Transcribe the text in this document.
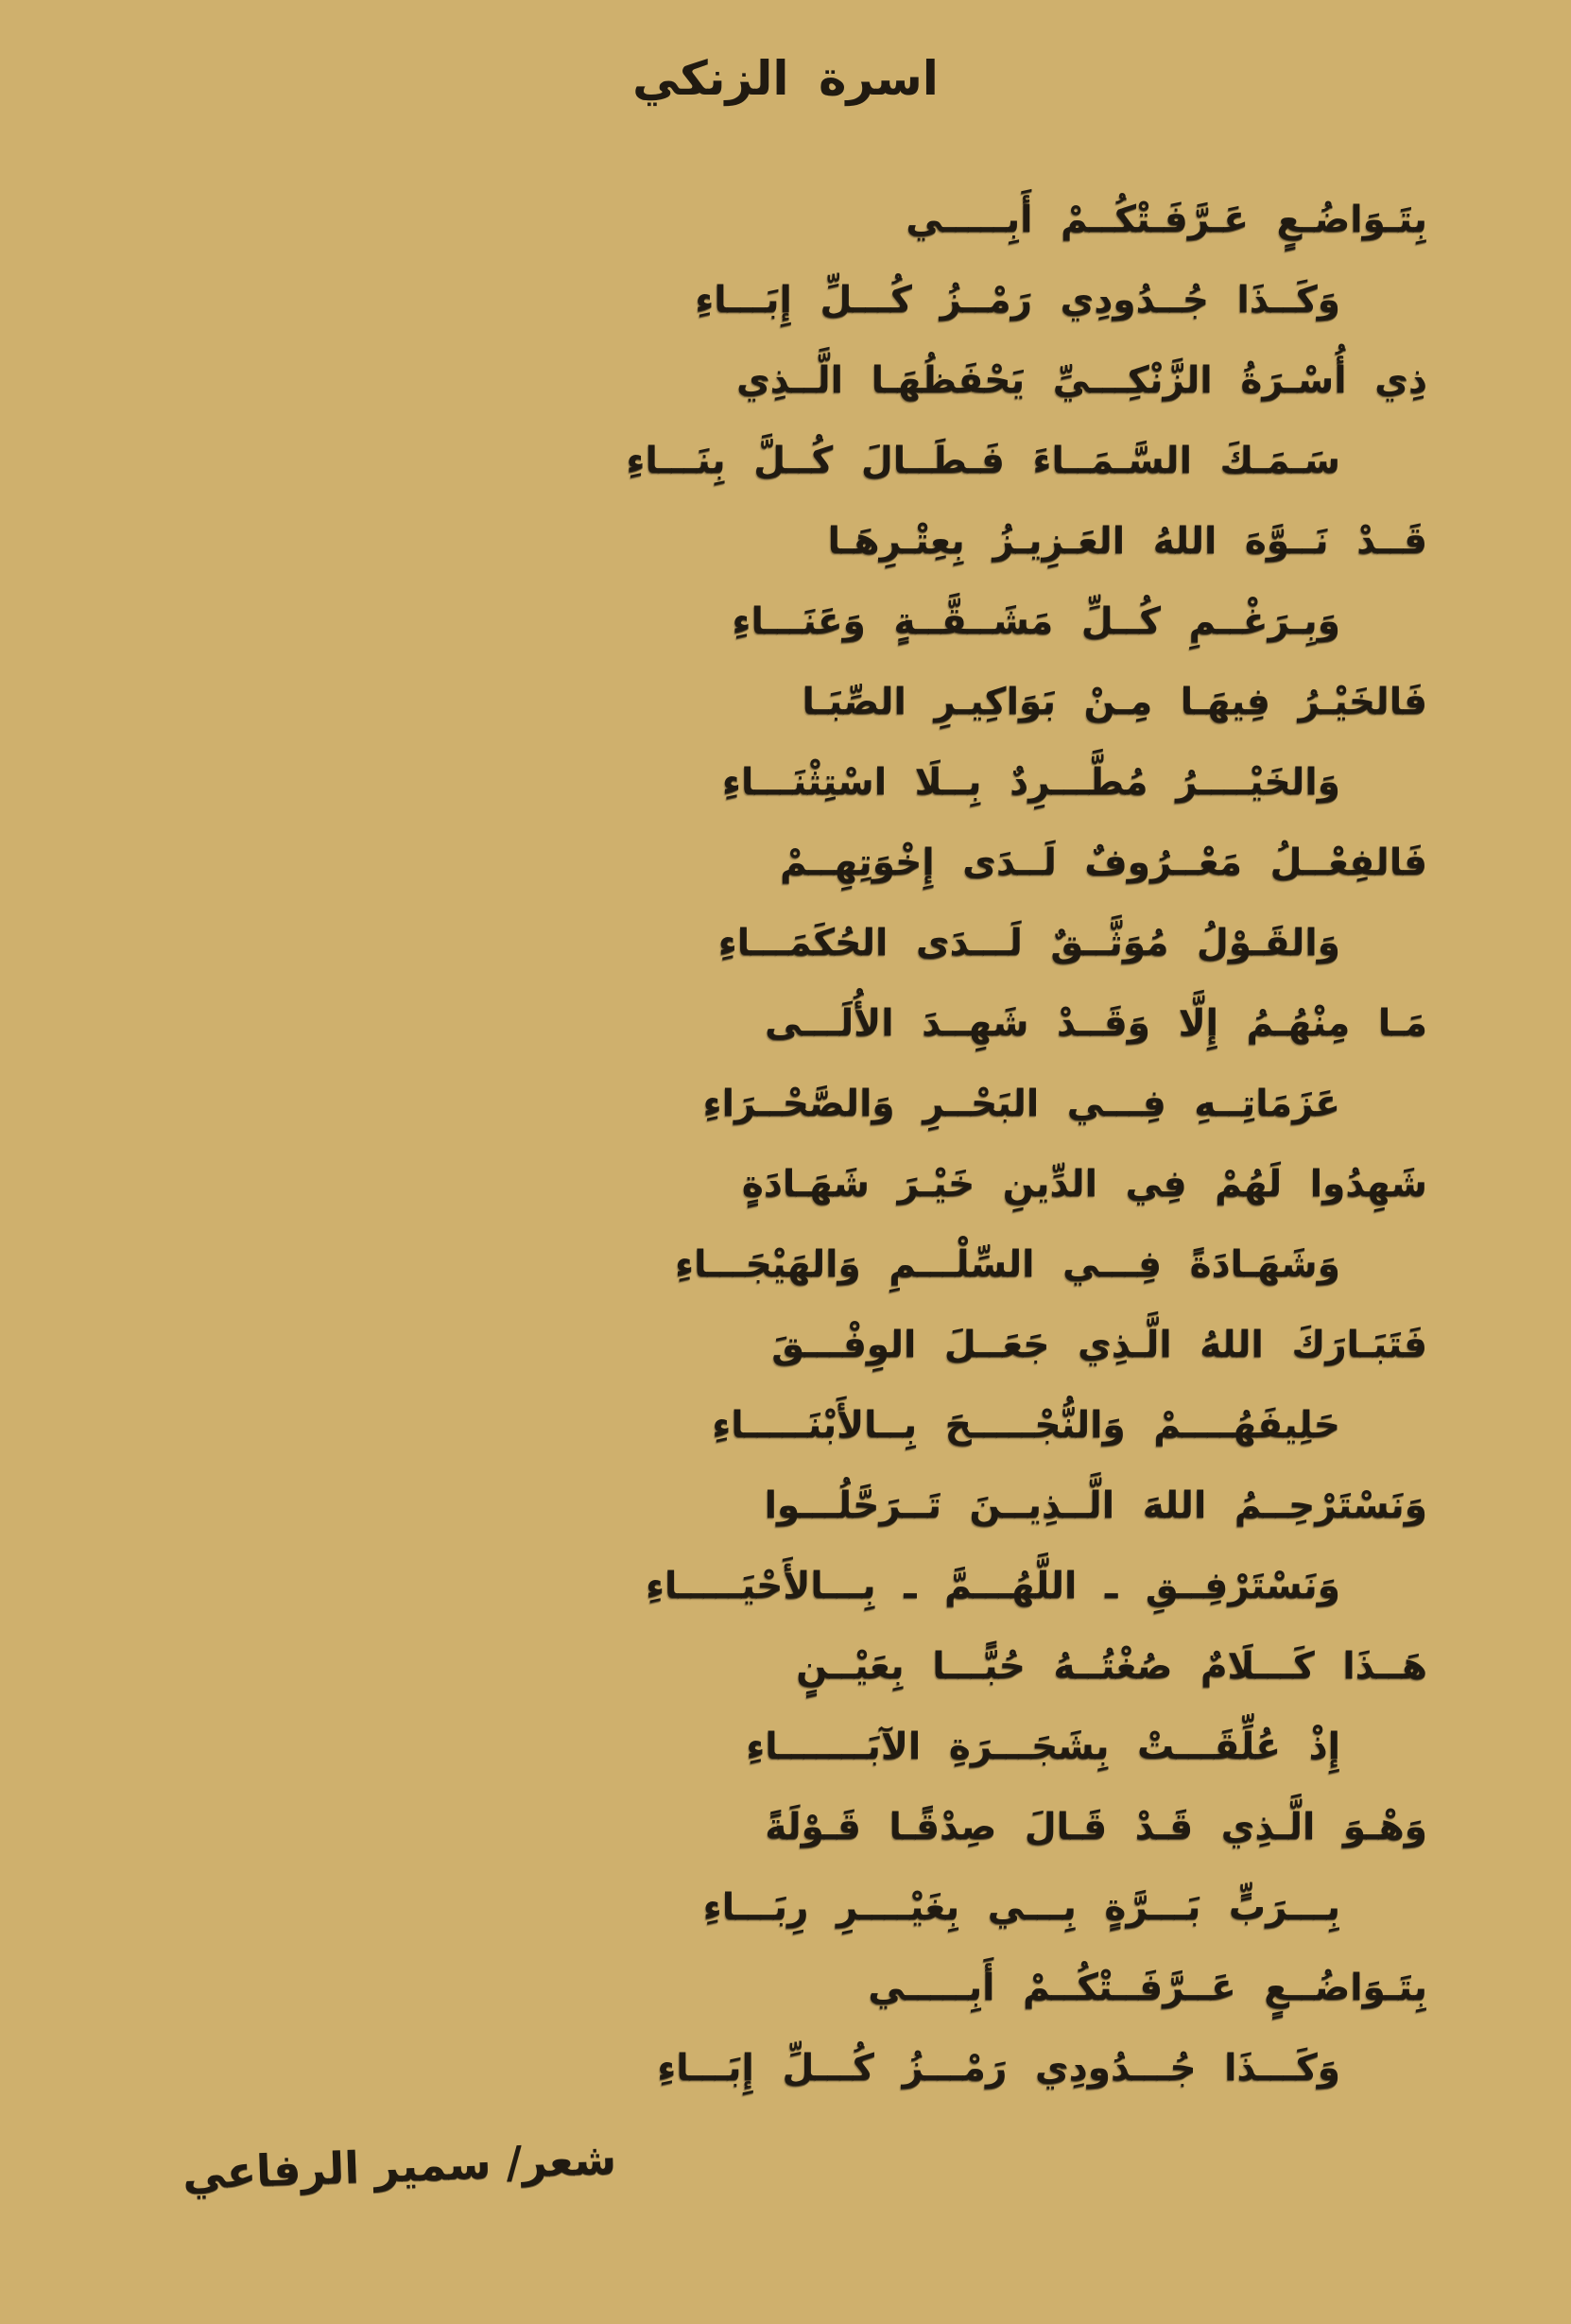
اسرة الزنكي
بِتَـوَاضُـعٍ عَـرَّفَـتْكُــمْ أَبِـــــي
وَكَــذَا جُــدُودِي رَمْــزُ كُـــلِّ إِبَـــاءِ
ذِي أُسْـرَةُ الزَّنْكِـــيِّ يَحْفَظُهَـا الَّــذِي
سَـمَـكَ السَّـمَــاءَ فَـطَــالَ كُــلَّ بِنَـــاءِ
قَــدْ نَــوَّهَ اللهُ العَـزِيـزُ بِعِتْـرِهَـا
وَبِـرَغْــمِ كُــلِّ مَشَــقَّــةٍ وَعَنَـــاءِ
فَالخَيْـرُ فِيهَـا مِـنْ بَوَاكِيـرِ الصِّبَـا
وَالخَيْــــرُ مُطَّـــرِدٌ بِــلَا اسْتِثْنَـــاءِ
فَالفِعْــلُ مَعْــرُوفٌ لَــدَى إِخْوَتِهِــمْ
وَالقَـوْلُ مُوَثَّــقٌ لَـــدَى الحُكَمَـــاءِ
مَـا مِنْهُـمُ إِلَّا وَقَــدْ شَهِــدَ الأُلَـــى
عَزَمَاتِــهِ فِـــي البَحْــرِ وَالصَّحْــرَاءِ
شَهِدُوا لَهُمْ فِي الدِّينِ خَيْـرَ شَهَـادَةٍ
وَشَهَـادَةً فِـــي السِّلْـــمِ وَالهَيْجَـــاءِ
فَتَبَـارَكَ اللهُ الَّـذِي جَعَــلَ الوِفْـــقَ
حَلِيفَهُــــمْ وَالنُّجْـــــحَ بِــالأَبْنَـــــاءِ
وَنَسْتَرْحِــمُ اللهَ الَّــذِيــنَ تَــرَحَّلُـــوا
وَنَسْتَرْفِــقِ ـ اللَّهُـــمَّ ـ بِـــالأَحْيَـــــاءِ
هَــذَا كَـــلَامٌ صُغْتُــهُ حُبًّـــا بِعَيْــنٍ
إِذْ عُلِّقَـــتْ بِشَجَـــرَةِ الآبَـــــــاءِ
وَهْـوَ الَّـذِي قَـدْ قَـالَ صِدْقًـا قَـوْلَةً
بِـــرَبٍّ بَـــرَّةٍ بِـــي بِغَيْــــرِ رِبَـــاءِ
بِتَـوَاضُــعٍ عَــرَّفَــتْكُــمْ أَبِـــــي
وَكَـــذَا جُـــدُودِي رَمْـــزُ كُـــلِّ إِبَـــاءِ
شعر/ سمير الرفاعي
